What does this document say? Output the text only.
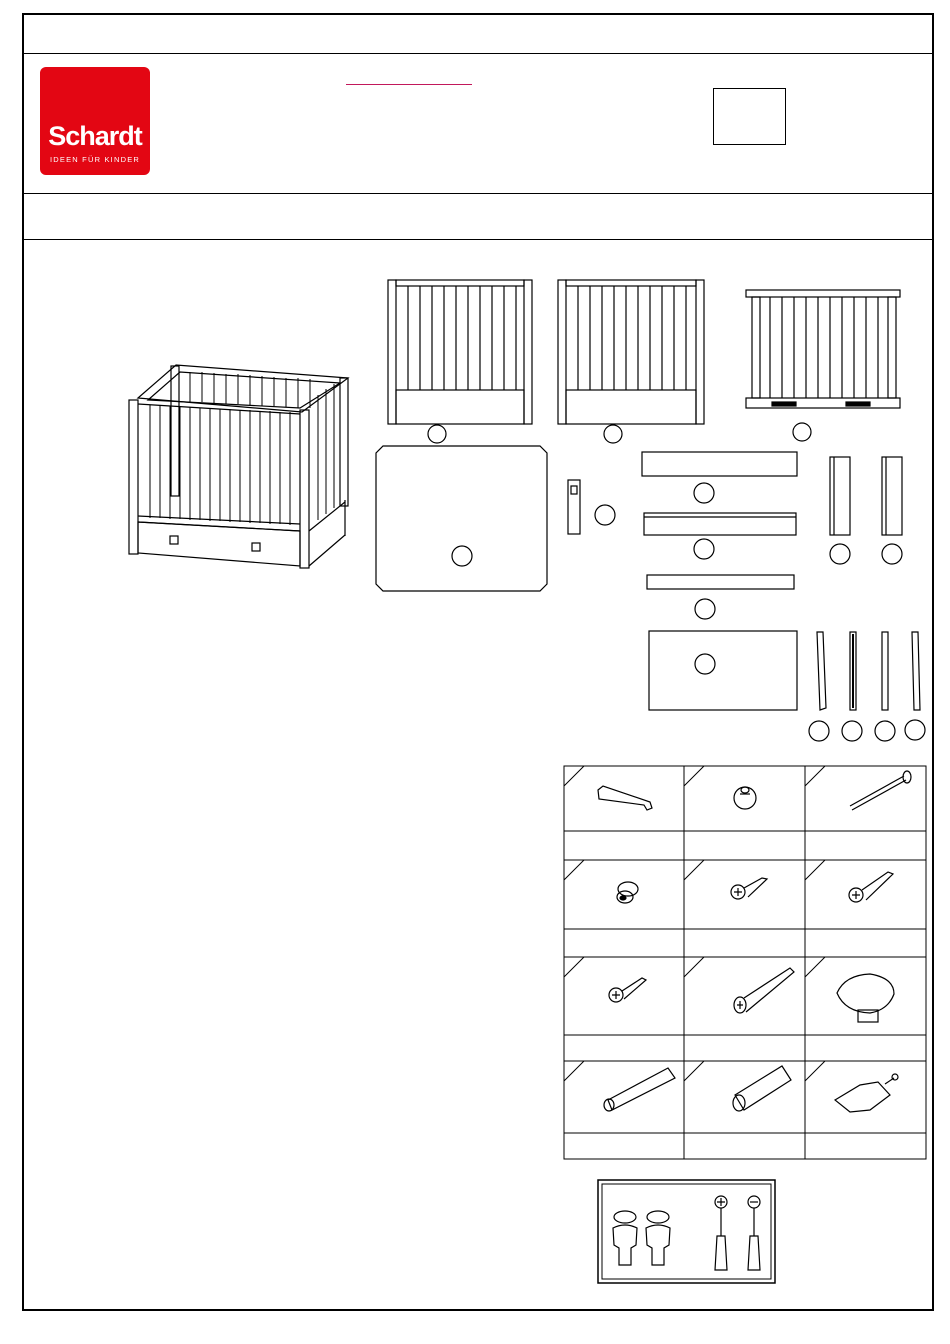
Schardt
IDEEN FÜR KINDER
